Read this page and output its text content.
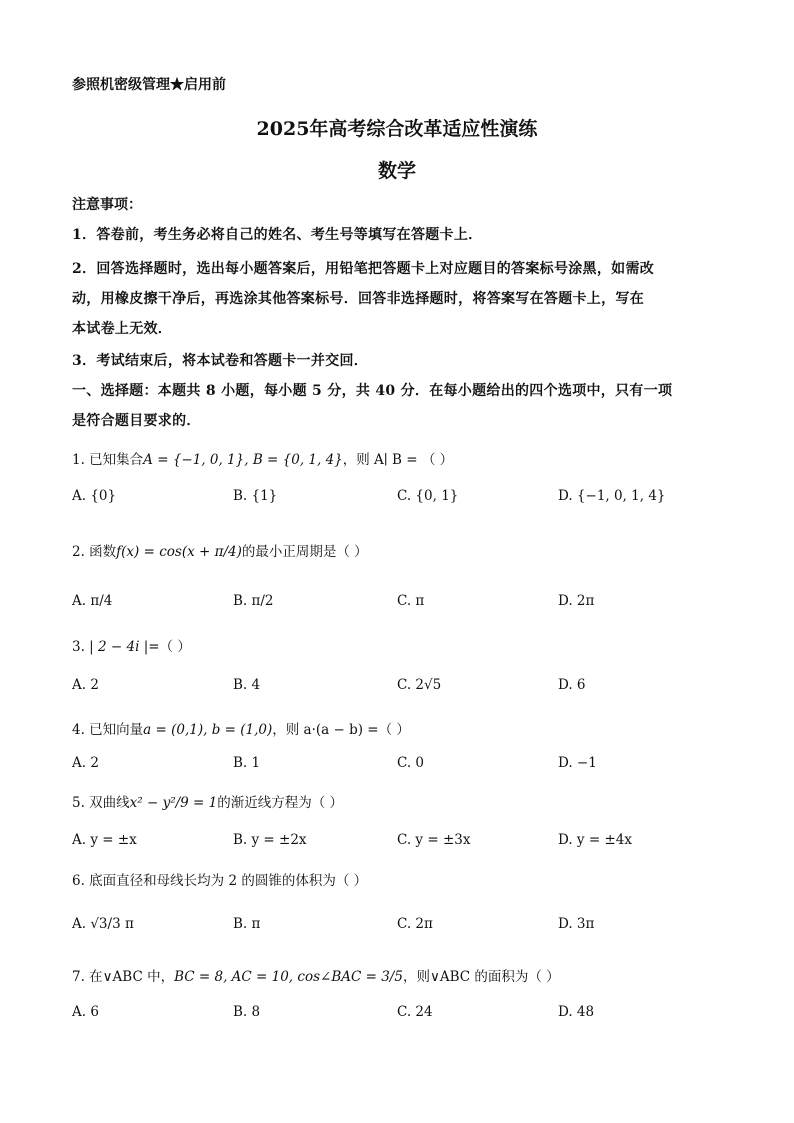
参照机密级管理★启用前
2025年高考综合改革适应性演练
数学
注意事项：
1．答卷前，考生务必将自己的姓名、考生号等填写在答题卡上．
2．回答选择题时，选出每小题答案后，用铅笔把答题卡上对应题目的答案标号涂黑，如需改
动，用橡皮擦干净后，再选涂其他答案标号．回答非选择题时，将答案写在答题卡上，写在
本试卷上无效．
3．考试结束后，将本试卷和答题卡一并交回．
一、选择题：本题共 8 小题，每小题 5 分，共 40 分．在每小题给出的四个选项中，只有一项
是符合题目要求的．
1. 已知集合A = {−1, 0, 1}, B = {0, 1, 4}，则 A∣ B = （ ）
A. {0}	B. {1}	C. {0, 1}	D. {−1, 0, 1, 4}
2. 函数f(x) = cos(x + π/4)的最小正周期是（ ）
A. π/4	B. π/2	C. π	D. 2π
3. | 2 − 4i |=（ ）
A. 2	B. 4	C. 2√5	D. 6
4. 已知向量a = (0,1), b = (1,0)，则 a·(a − b) =（ ）
A. 2	B. 1	C. 0	D. −1
5. 双曲线x² − y²/9 = 1的渐近线方程为（ ）
A. y = ±x	B. y = ±2x	C. y = ±3x	D. y = ±4x
6. 底面直径和母线长均为 2 的圆锥的体积为（ ）
A. √3/3 π	B. π	C. 2π	D. 3π
7. 在∨ABC 中，BC = 8, AC = 10, cos∠BAC = 3/5，则∨ABC 的面积为（ ）
A. 6	B. 8	C. 24	D. 48
